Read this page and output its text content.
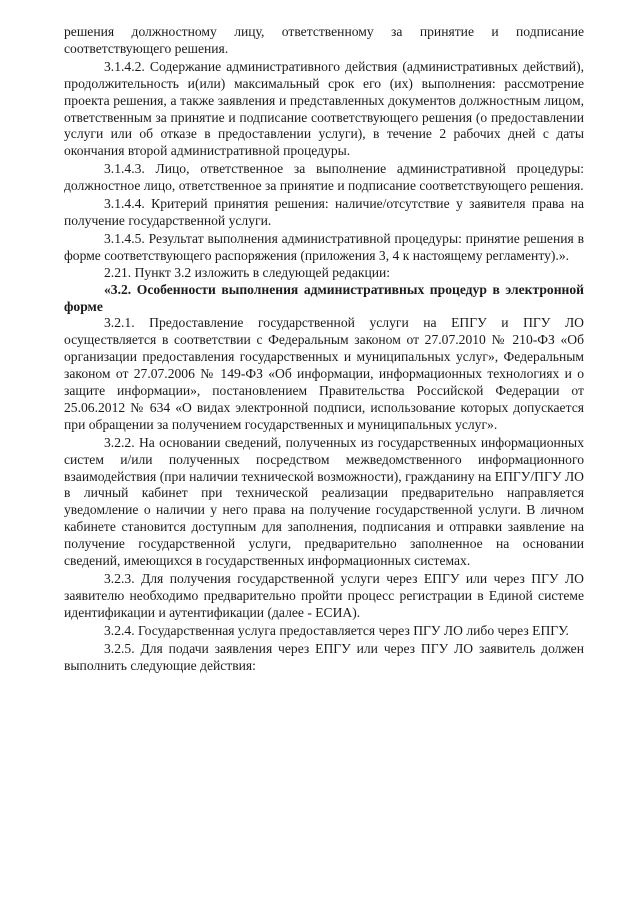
решения должностному лицу, ответственному за принятие и подписание соответствующего решения.

3.1.4.2. Содержание административного действия (административных действий), продолжительность и(или) максимальный срок его (их) выполнения: рассмотрение проекта решения, а также заявления и представленных документов должностным лицом, ответственным за принятие и подписание соответствующего решения (о предоставлении услуги или об отказе в предоставлении услуги), в течение 2 рабочих дней с даты окончания второй административной процедуры.

3.1.4.3. Лицо, ответственное за выполнение административной процедуры: должностное лицо, ответственное за принятие и подписание соответствующего решения.

3.1.4.4. Критерий принятия решения: наличие/отсутствие у заявителя права на получение государственной услуги.

3.1.4.5. Результат выполнения административной процедуры: принятие решения в форме соответствующего распоряжения (приложения 3, 4 к настоящему регламенту).».

2.21. Пункт 3.2 изложить в следующей редакции:

«3.2. Особенности выполнения административных процедур в электронной форме

3.2.1. Предоставление государственной услуги на ЕПГУ и ПГУ ЛО осуществляется в соответствии с Федеральным законом от 27.07.2010 № 210-ФЗ «Об организации предоставления государственных и муниципальных услуг», Федеральным законом от 27.07.2006 № 149-ФЗ «Об информации, информационных технологиях и о защите информации», постановлением Правительства Российской Федерации от 25.06.2012 № 634 «О видах электронной подписи, использование которых допускается при обращении за получением государственных и муниципальных услуг».

3.2.2. На основании сведений, полученных из государственных информационных систем и/или полученных посредством межведомственного информационного взаимодействия (при наличии технической возможности), гражданину на ЕПГУ/ПГУ ЛО в личный кабинет при технической реализации предварительно направляется уведомление о наличии у него права на получение государственной услуги. В личном кабинете становится доступным для заполнения, подписания и отправки заявление на получение государственной услуги, предварительно заполненное на основании сведений, имеющихся в государственных информационных системах.

3.2.3. Для получения государственной услуги через ЕПГУ или через ПГУ ЛО заявителю необходимо предварительно пройти процесс регистрации в Единой системе идентификации и аутентификации (далее - ЕСИА).

3.2.4. Государственная услуга предоставляется через ПГУ ЛО либо через ЕПГУ.

3.2.5. Для подачи заявления через ЕПГУ или через ПГУ ЛО заявитель должен выполнить следующие действия:
